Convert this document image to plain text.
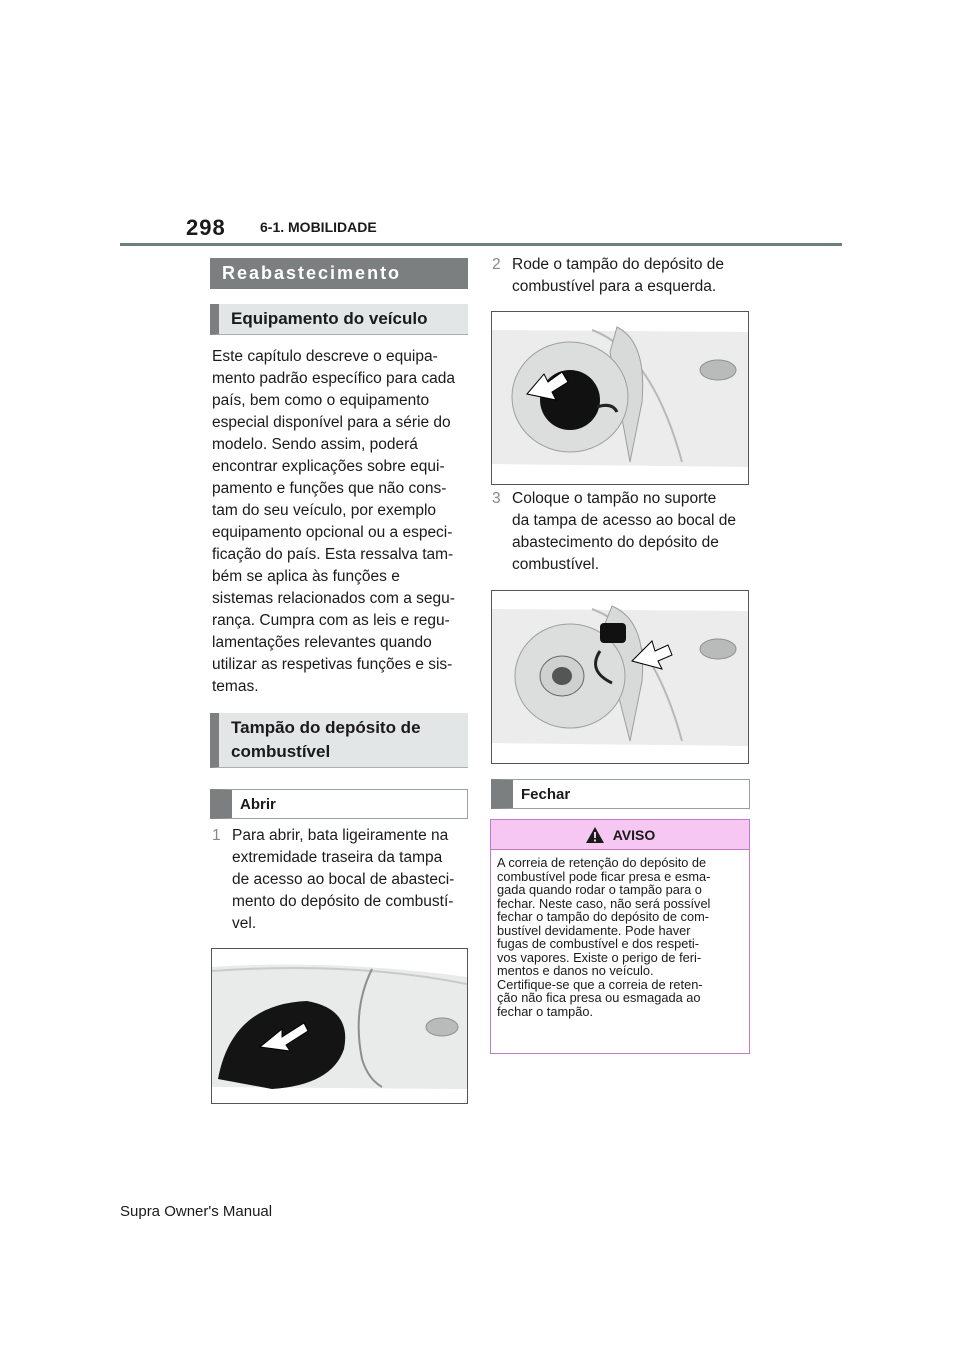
298 6-1. MOBILIDADE
Reabastecimento
Equipamento do veículo
Este capítulo descreve o equipa-
mento padrão específico para cada
país, bem como o equipamento
especial disponível para a série do
modelo. Sendo assim, poderá
encontrar explicações sobre equi-
pamento e funções que não cons-
tam do seu veículo, por exemplo
equipamento opcional ou a especi-
ficação do país. Esta ressalva tam-
bém se aplica às funções e
sistemas relacionados com a segu-
rança. Cumpra com as leis e regu-
lamentações relevantes quando
utilizar as respetivas funções e sis-
temas.
Tampão do depósito de
combustível
Abrir
1 Para abrir, bata ligeiramente na
extremidade traseira da tampa
de acesso ao bocal de abasteci-
mento do depósito de combustí-
vel.
2 Rode o tampão do depósito de
combustível para a esquerda.
3 Coloque o tampão no suporte
da tampa de acesso ao bocal de
abastecimento do depósito de
combustível.
Fechar
AVISO
A correia de retenção do depósito de
combustível pode ficar presa e esma-
gada quando rodar o tampão para o
fechar. Neste caso, não será possível
fechar o tampão do depósito de com-
bustível devidamente. Pode haver
fugas de combustível e dos respeti-
vos vapores. Existe o perigo de feri-
mentos e danos no veículo.
Certifique-se que a correia de reten-
ção não fica presa ou esmagada ao
fechar o tampão.
Supra Owner's Manual
